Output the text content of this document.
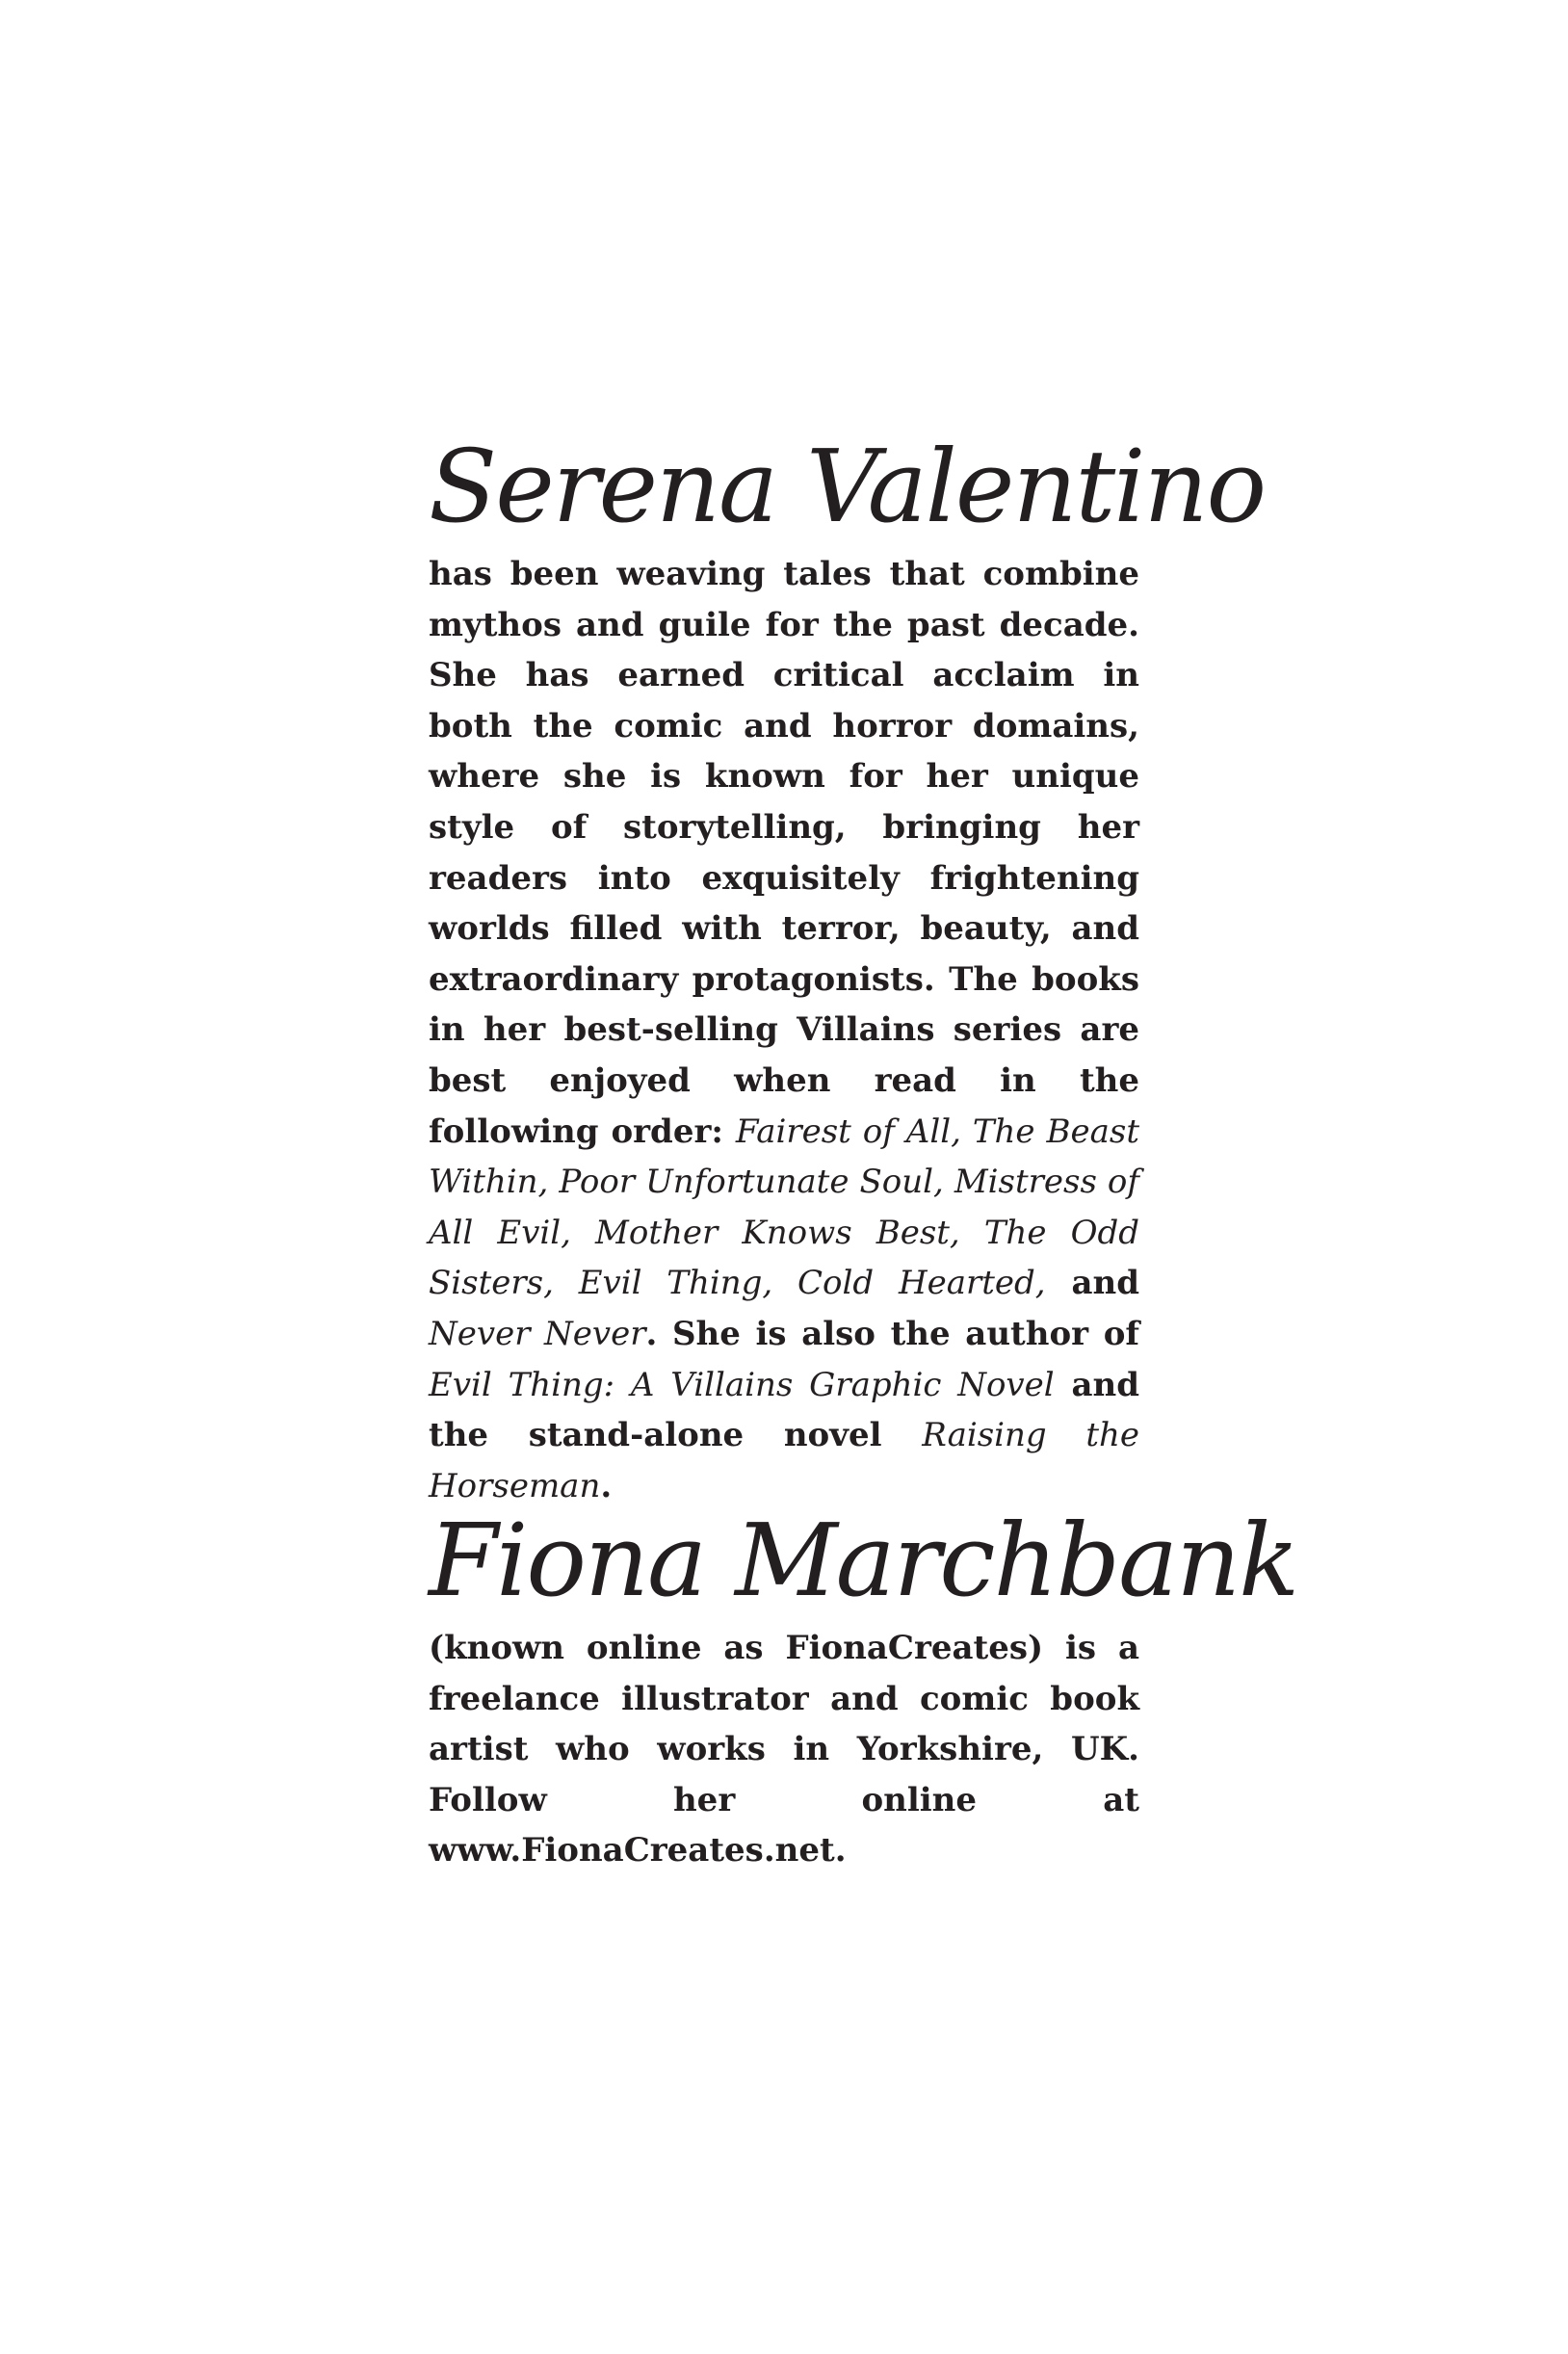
Serena Valentino

has been weaving tales that combine mythos and guile for the past decade. She has earned critical acclaim in both the comic and horror domains, where she is known for her unique style of storytelling, bringing her readers into exquisitely frightening worlds filled with terror, beauty, and extraordinary protagonists. The books in her best-selling Villains series are best enjoyed when read in the following order: Fairest of All, The Beast Within, Poor Unfortunate Soul, Mistress of All Evil, Mother Knows Best, The Odd Sisters, Evil Thing, Cold Hearted, and Never Never. She is also the author of Evil Thing: A Villains Graphic Novel and the stand-alone novel Raising the Horseman.

Fiona Marchbank

(known online as FionaCreates) is a freelance illustrator and comic book artist who works in Yorkshire, UK. Follow her online at www.FionaCreates.net.
